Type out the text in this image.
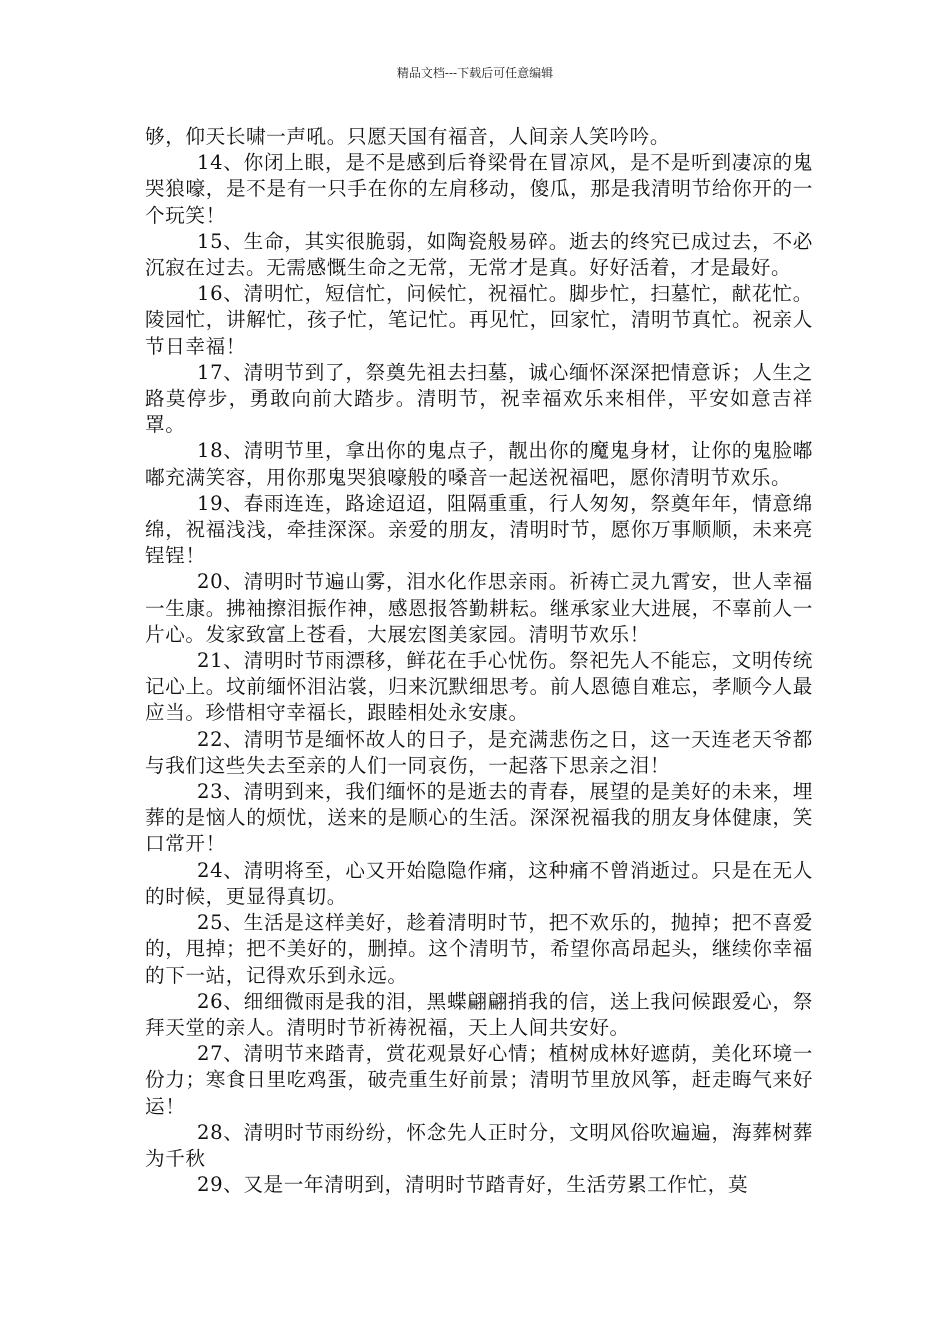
精品文档---下载后可任意编辑

够，仰天长啸一声吼。只愿天国有福音，人间亲人笑吟吟。

14、你闭上眼，是不是感到后脊梁骨在冒凉风，是不是听到凄凉的鬼哭狼嚎，是不是有一只手在你的左肩移动，傻瓜，那是我清明节给你开的一个玩笑！

15、生命，其实很脆弱，如陶瓷般易碎。逝去的终究已成过去，不必沉寂在过去。无需感慨生命之无常，无常才是真。好好活着，才是最好。

16、清明忙，短信忙，问候忙，祝福忙。脚步忙，扫墓忙，献花忙。陵园忙，讲解忙，孩子忙，笔记忙。再见忙，回家忙，清明节真忙。祝亲人节日幸福！

17、清明节到了，祭奠先祖去扫墓，诚心缅怀深深把情意诉；人生之路莫停步，勇敢向前大踏步。清明节，祝幸福欢乐来相伴，平安如意吉祥罩。

18、清明节里，拿出你的鬼点子，靓出你的魔鬼身材，让你的鬼脸嘟嘟充满笑容，用你那鬼哭狼嚎般的嗓音一起送祝福吧，愿你清明节欢乐。

19、春雨连连，路途迢迢，阻隔重重，行人匆匆，祭奠年年，情意绵绵，祝福浅浅，牵挂深深。亲爱的朋友，清明时节，愿你万事顺顺，未来亮锃锃！

20、清明时节遍山雾，泪水化作思亲雨。祈祷亡灵九霄安，世人幸福一生康。拂袖擦泪振作神，感恩报答勤耕耘。继承家业大进展，不辜前人一片心。发家致富上苍看，大展宏图美家园。清明节欢乐！

21、清明时节雨漂移，鲜花在手心忧伤。祭祀先人不能忘，文明传统记心上。坟前缅怀泪沾裳，归来沉默细思考。前人恩德自难忘，孝顺今人最应当。珍惜相守幸福长，跟睦相处永安康。

22、清明节是缅怀故人的日子，是充满悲伤之日，这一天连老天爷都与我们这些失去至亲的人们一同哀伤，一起落下思亲之泪！

23、清明到来，我们缅怀的是逝去的青春，展望的是美好的未来，埋葬的是恼人的烦忧，送来的是顺心的生活。深深祝福我的朋友身体健康，笑口常开！

24、清明将至，心又开始隐隐作痛，这种痛不曾消逝过。只是在无人的时候，更显得真切。

25、生活是这样美好，趁着清明时节，把不欢乐的，抛掉；把不喜爱的，甩掉；把不美好的，删掉。这个清明节，希望你高昂起头，继续你幸福的下一站，记得欢乐到永远。

26、细细微雨是我的泪，黑蝶翩翩捎我的信，送上我问候跟爱心，祭拜天堂的亲人。清明时节祈祷祝福，天上人间共安好。

27、清明节来踏青，赏花观景好心情；植树成林好遮荫，美化环境一份力；寒食日里吃鸡蛋，破壳重生好前景；清明节里放风筝，赶走晦气来好运！

28、清明时节雨纷纷，怀念先人正时分，文明风俗吹遍遍，海葬树葬为千秋

29、又是一年清明到，清明时节踏青好，生活劳累工作忙，莫
